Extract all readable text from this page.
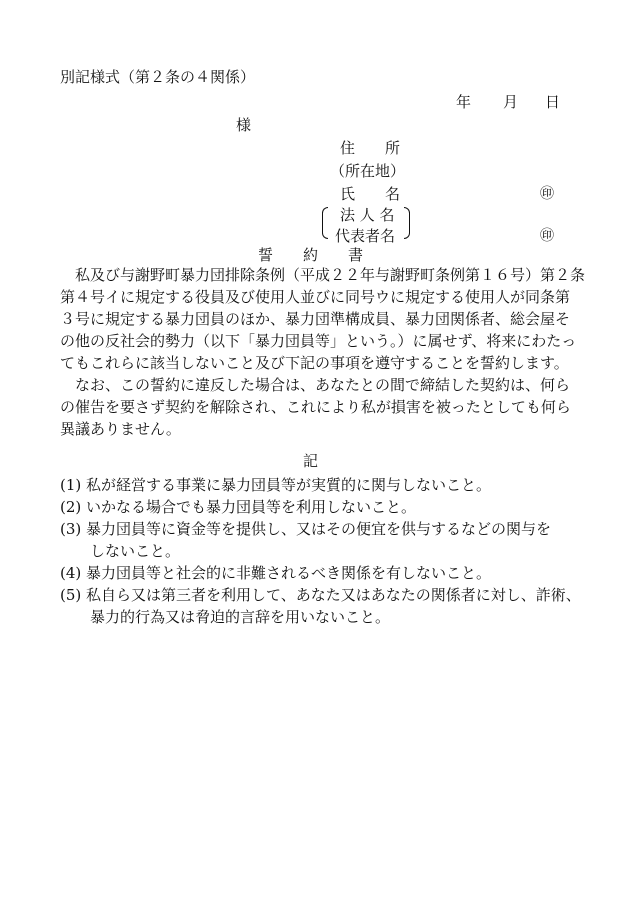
別記様式（第２条の４関係）
年 月 日
様
住　　所
（所在地）
氏　　名	㊞
法 人 名
代表者名	㊞
誓　　約　　書
私及び与謝野町暴力団排除条例（平成２２年与謝野町条例第１６号）第２条
第４号イに規定する役員及び使用人並びに同号ウに規定する使用人が同条第
３号に規定する暴力団員のほか、暴力団準構成員、暴力団関係者、総会屋そ
の他の反社会的勢力（以下「暴力団員等」という。）に属せず、将来にわたっ
てもこれらに該当しないこと及び下記の事項を遵守することを誓約します。
なお、この誓約に違反した場合は、あなたとの間で締結した契約は、何ら
の催告を要さず契約を解除され、これにより私が損害を被ったとしても何ら
異議ありません。
記
(1) 私が経営する事業に暴力団員等が実質的に関与しないこと。
(2) いかなる場合でも暴力団員等を利用しないこと。
(3) 暴力団員等に資金等を提供し、又はその便宜を供与するなどの関与を
しないこと。
(4) 暴力団員等と社会的に非難されるべき関係を有しないこと。
(5) 私自ら又は第三者を利用して、あなた又はあなたの関係者に対し、詐術、
暴力的行為又は脅迫的言辞を用いないこと。
